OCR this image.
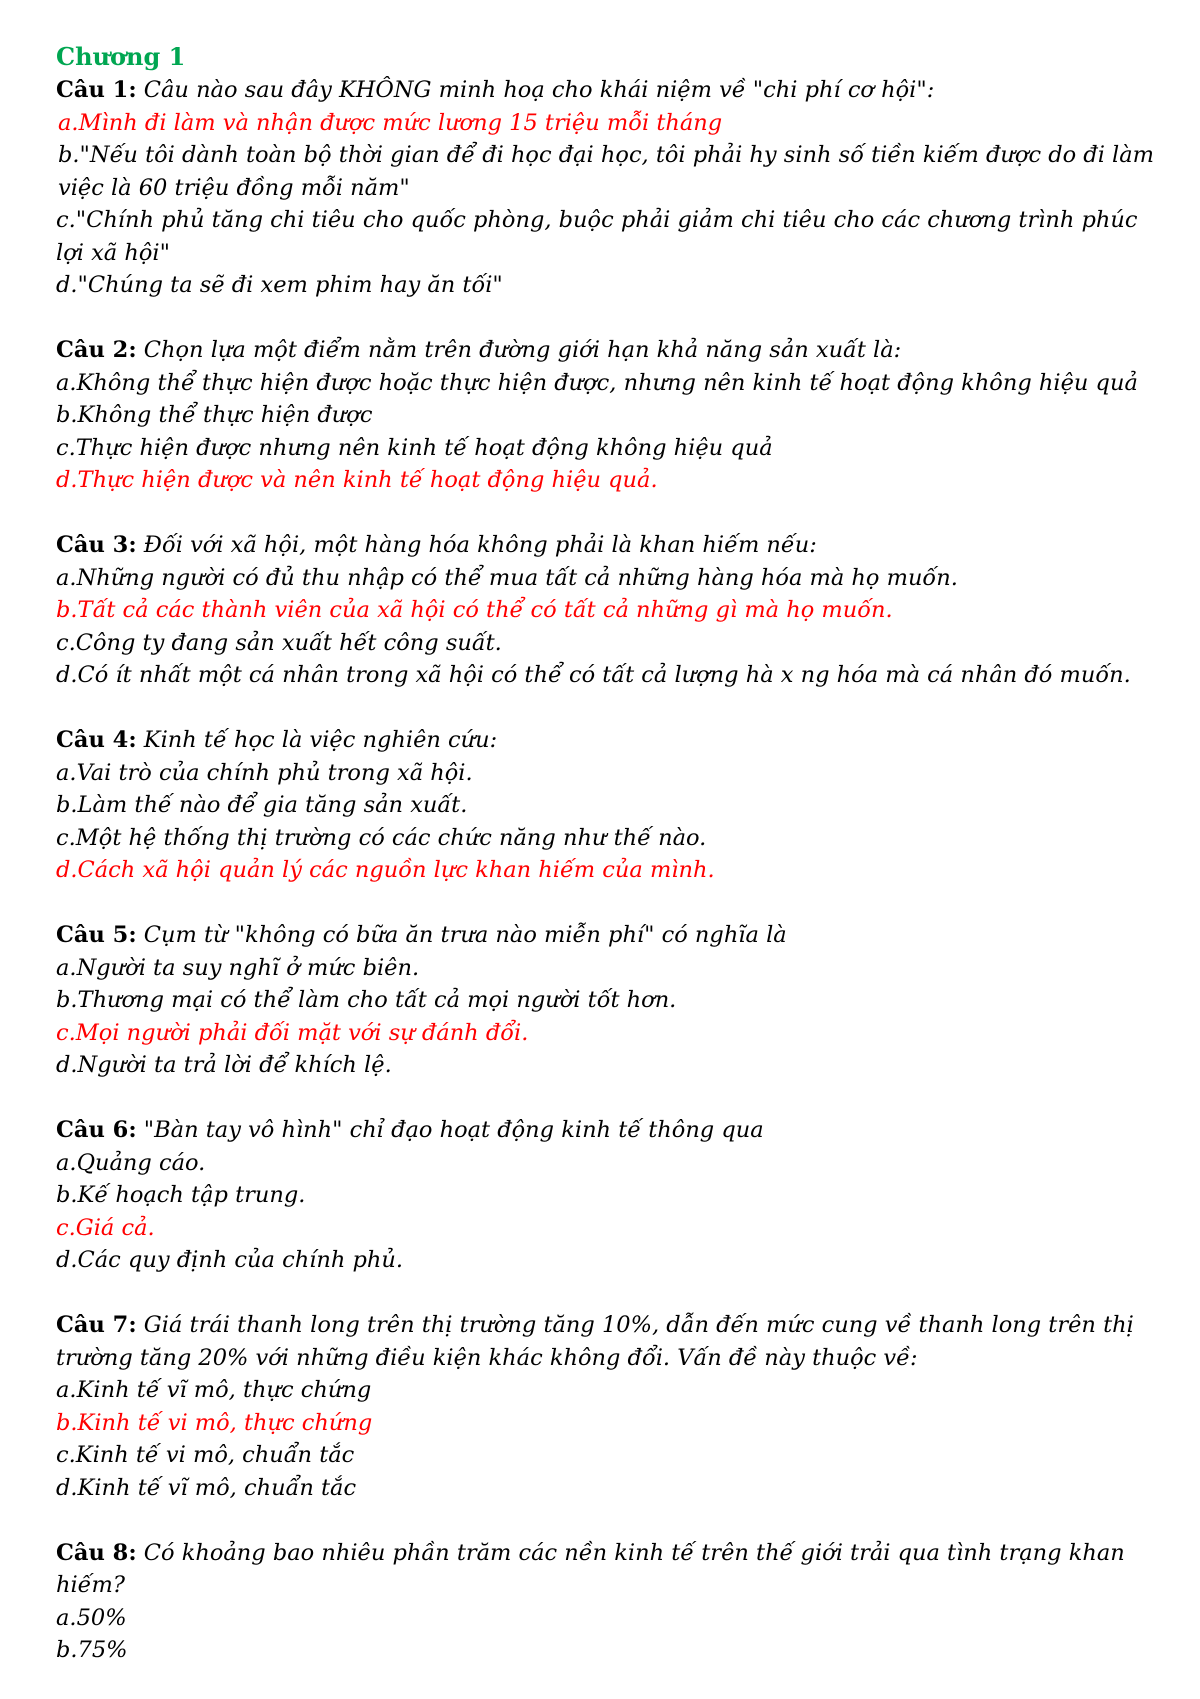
Chương 1
Câu 1: Câu nào sau đây KHÔNG minh hoạ cho khái niệm về "chi phí cơ hội":
a.Mình đi làm và nhận được mức lương 15 triệu mỗi tháng
b."Nếu tôi dành toàn bộ thời gian để đi học đại học, tôi phải hy sinh số tiền kiếm được do đi làm việc là 60 triệu đồng mỗi năm"
c."Chính phủ tăng chi tiêu cho quốc phòng, buộc phải giảm chi tiêu cho các chương trình phúc lợi xã hội"
d."Chúng ta sẽ đi xem phim hay ăn tối"
Câu 2: Chọn lựa một điểm nằm trên đường giới hạn khả năng sản xuất là:
a.Không thể thực hiện được hoặc thực hiện được, nhưng nên kinh tế hoạt động không hiệu quả
b.Không thể thực hiện được
c.Thực hiện được nhưng nên kinh tế hoạt động không hiệu quả
d.Thực hiện được và nên kinh tế hoạt động hiệu quả.
Câu 3: Đối với xã hội, một hàng hóa không phải là khan hiếm nếu:
a.Những người có đủ thu nhập có thể mua tất cả những hàng hóa mà họ muốn.
b.Tất cả các thành viên của xã hội có thể có tất cả những gì mà họ muốn.
c.Công ty đang sản xuất hết công suất.
d.Có ít nhất một cá nhân trong xã hội có thể có tất cả lượng hà x ng hóa mà cá nhân đó muốn.
Câu 4: Kinh tế học là việc nghiên cứu:
a.Vai trò của chính phủ trong xã hội.
b.Làm thế nào để gia tăng sản xuất.
c.Một hệ thống thị trường có các chức năng như thế nào.
d.Cách xã hội quản lý các nguồn lực khan hiếm của mình.
Câu 5: Cụm từ "không có bữa ăn trưa nào miễn phí" có nghĩa là
a.Người ta suy nghĩ ở mức biên.
b.Thương mại có thể làm cho tất cả mọi người tốt hơn.
c.Mọi người phải đối mặt với sự đánh đổi.
d.Người ta trả lời để khích lệ.
Câu 6: "Bàn tay vô hình" chỉ đạo hoạt động kinh tế thông qua
a.Quảng cáo.
b.Kế hoạch tập trung.
c.Giá cả.
d.Các quy định của chính phủ.
Câu 7: Giá trái thanh long trên thị trường tăng 10%, dẫn đến mức cung về thanh long trên thị trường tăng 20% với những điều kiện khác không đổi. Vấn đề này thuộc về:
a.Kinh tế vĩ mô, thực chứng
b.Kinh tế vi mô, thực chứng
c.Kinh tế vi mô, chuẩn tắc
d.Kinh tế vĩ mô, chuẩn tắc
Câu 8: Có khoảng bao nhiêu phần trăm các nền kinh tế trên thế giới trải qua tình trạng khan hiếm?
a.50%
b.75%
